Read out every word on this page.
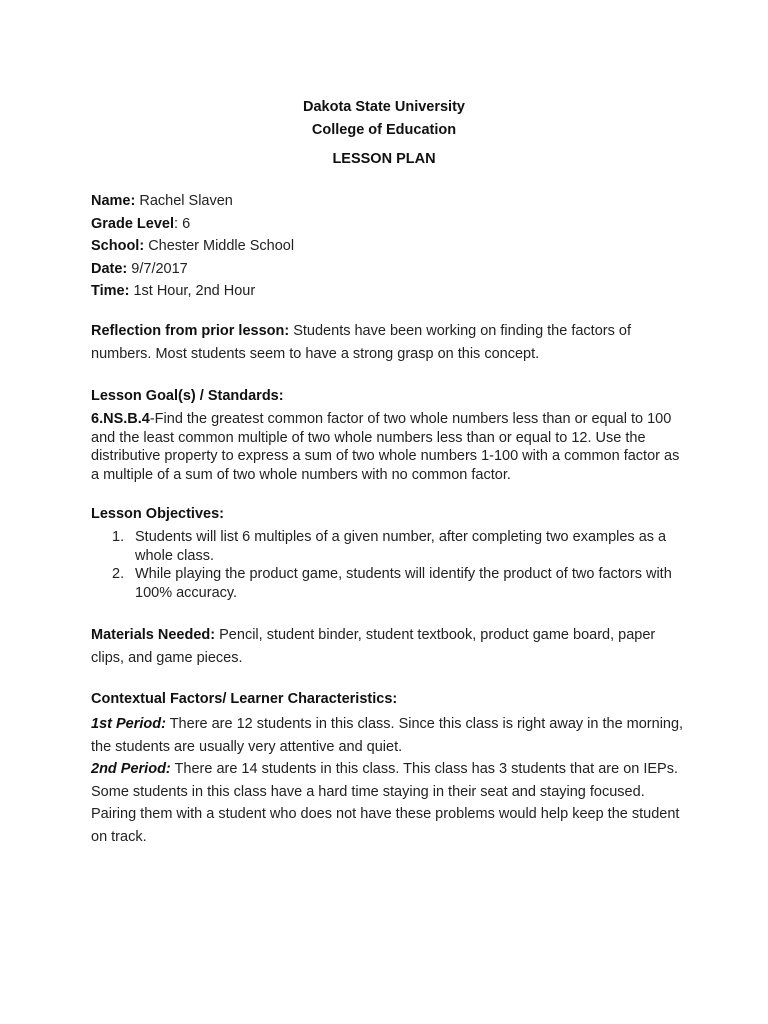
Dakota State University
College of Education
LESSON PLAN
Name: Rachel Slaven
Grade Level: 6
School: Chester Middle School
Date: 9/7/2017
Time: 1st Hour, 2nd Hour

Reflection from prior lesson: Students have been working on finding the factors of numbers. Most students seem to have a strong grasp on this concept.

Lesson Goal(s) / Standards:

6.NS.B.4-Find the greatest common factor of two whole numbers less than or equal to 100 and the least common multiple of two whole numbers less than or equal to 12. Use the distributive property to express a sum of two whole numbers 1-100 with a common factor as a multiple of a sum of two whole numbers with no common factor.

Lesson Objectives:
1. Students will list 6 multiples of a given number, after completing two examples as a whole class.
2. While playing the product game, students will identify the product of two factors with 100% accuracy.

Materials Needed: Pencil, student binder, student textbook, product game board, paper clips, and game pieces.

Contextual Factors/ Learner Characteristics:

1st Period: There are 12 students in this class. Since this class is right away in the morning, the students are usually very attentive and quiet.

2nd Period: There are 14 students in this class. This class has 3 students that are on IEPs. Some students in this class have a hard time staying in their seat and staying focused. Pairing them with a student who does not have these problems would help keep the student on track.
